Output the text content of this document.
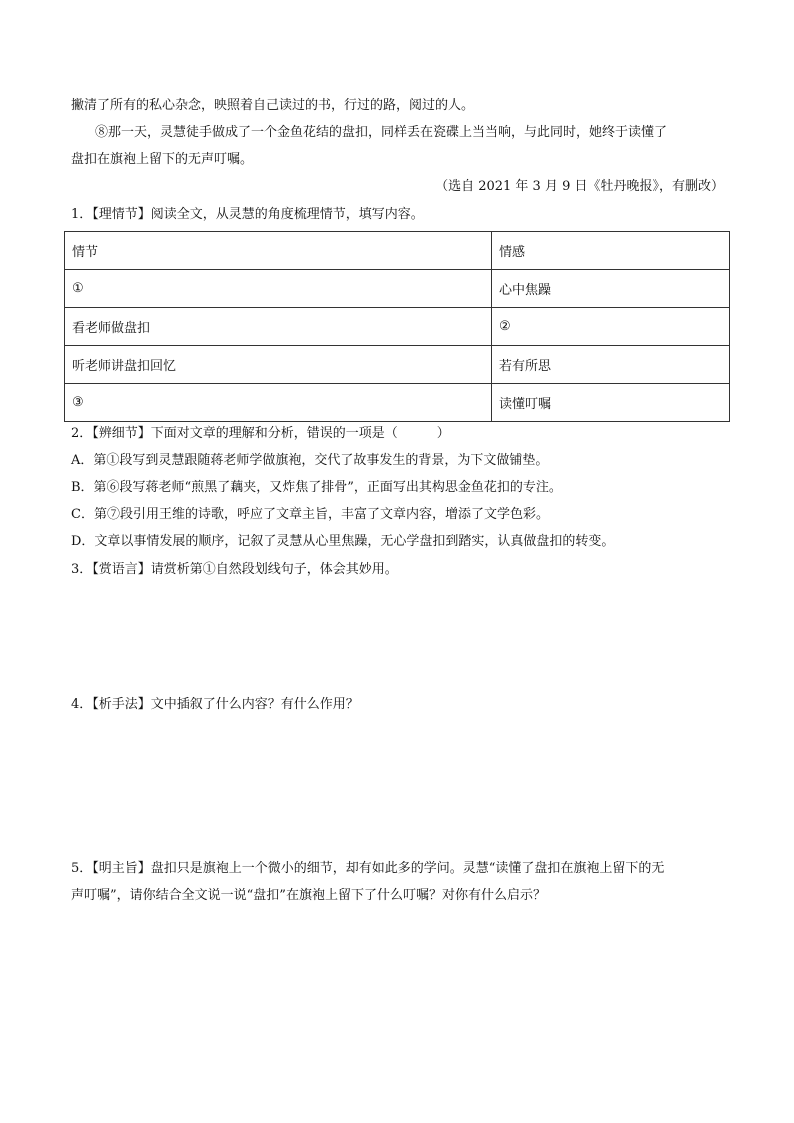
撇清了所有的私心杂念，映照着自己读过的书，行过的路，阅过的人。
⑧那一天，灵慧徒手做成了一个金鱼花结的盘扣，同样丢在瓷碟上当当响，与此同时，她终于读懂了
盘扣在旗袍上留下的无声叮嘱。
（选自 2021 年 3 月 9 日《牡丹晚报》，有删改）
1．【理情节】阅读全文，从灵慧的角度梳理情节，填写内容。
情节	情感
①	心中焦躁
看老师做盘扣	②
听老师讲盘扣回忆	若有所思
③	读懂叮嘱
2．【辨细节】下面对文章的理解和分析，错误的一项是（　　　）
A．第①段写到灵慧跟随蒋老师学做旗袍，交代了故事发生的背景，为下文做铺垫。
B．第⑥段写蒋老师“煎黑了藕夹，又炸焦了排骨”，正面写出其构思金鱼花扣的专注。
C．第⑦段引用王维的诗歌，呼应了文章主旨，丰富了文章内容，增添了文学色彩。
D．文章以事情发展的顺序，记叙了灵慧从心里焦躁，无心学盘扣到踏实，认真做盘扣的转变。
3．【赏语言】请赏析第①自然段划线句子，体会其妙用。
4．【析手法】文中插叙了什么内容？有什么作用？
5．【明主旨】盘扣只是旗袍上一个微小的细节，却有如此多的学问。灵慧“读懂了盘扣在旗袍上留下的无
声叮嘱”，请你结合全文说一说“盘扣”在旗袍上留下了什么叮嘱？对你有什么启示？
